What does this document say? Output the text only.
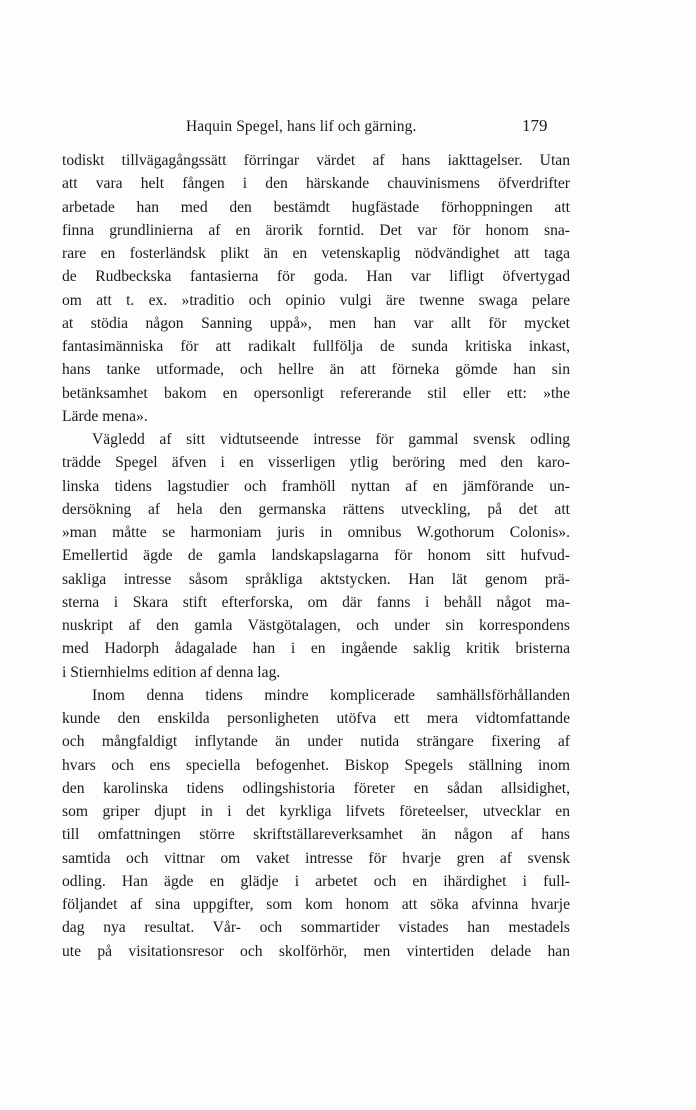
Haquin Spegel, hans lif och gärning.	179
todiskt tillvägagångssätt förringar värdet af hans iakttagelser. Utan
att vara helt fången i den härskande chauvinismens öfverdrifter
arbetade han med den bestämdt hugfästade förhoppningen att
finna grundlinierna af en ärorik forntid. Det var för honom sna-
rare en fosterländsk plikt än en vetenskaplig nödvändighet att taga
de Rudbeckska fantasierna för goda. Han var lifligt öfvertygad
om att t. ex. »traditio och opinio vulgi äre twenne swaga pelare
at stödia någon Sanning uppå», men han var allt för mycket
fantasimänniska för att radikalt fullfölja de sunda kritiska inkast,
hans tanke utformade, och hellre än att förneka gömde han sin
betänksamhet bakom en opersonligt refererande stil eller ett: »the
Lärde mena».
Vägledd af sitt vidtutseende intresse för gammal svensk odling
trädde Spegel äfven i en visserligen ytlig beröring med den karo-
linska tidens lagstudier och framhöll nyttan af en jämförande un-
dersökning af hela den germanska rättens utveckling, på det att
»man måtte se harmoniam juris in omnibus W.gothorum Colonis».
Emellertid ägde de gamla landskapslagarna för honom sitt hufvud-
sakliga intresse såsom språkliga aktstycken. Han lät genom prä-
sterna i Skara stift efterforska, om där fanns i behåll något ma-
nuskript af den gamla Västgötalagen, och under sin korrespondens
med Hadorph ådagalade han i en ingående saklig kritik bristerna
i Stiernhielms edition af denna lag.
Inom denna tidens mindre komplicerade samhällsförhållanden
kunde den enskilda personligheten utöfva ett mera vidtomfattande
och mångfaldigt inflytande än under nutida strängare fixering af
hvars och ens speciella befogenhet. Biskop Spegels ställning inom
den karolinska tidens odlingshistoria företer en sådan allsidighet,
som griper djupt in i det kyrkliga lifvets företeelser, utvecklar en
till omfattningen större skriftställareverksamhet än någon af hans
samtida och vittnar om vaket intresse för hvarje gren af svensk
odling. Han ägde en glädje i arbetet och en ihärdighet i full-
följandet af sina uppgifter, som kom honom att söka afvinna hvarje
dag nya resultat. Vår- och sommartider vistades han mestadels
ute på visitationsresor och skolförhör, men vintertiden delade han
